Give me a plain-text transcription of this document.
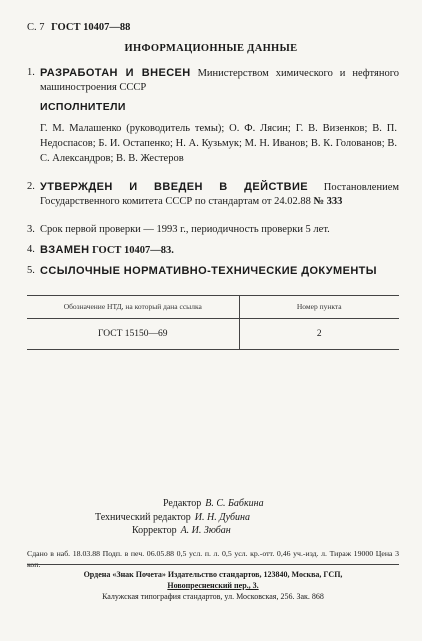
С. 7 ГОСТ 10407—88
ИНФОРМАЦИОННЫЕ ДАННЫЕ
1. РАЗРАБОТАН И ВНЕСЕН Министерством химического и нефтяного машиностроения СССР
ИСПОЛНИТЕЛИ
Г. М. Малашенко (руководитель темы); О. Ф. Лясин; Г. В. Визенков; В. П. Недоспасов; Б. И. Остапенко; Н. А. Кузьмук; М. Н. Иванов; В. К. Голованов; В. С. Александров; В. В. Жестеров
2. УТВЕРЖДЕН И ВВЕДЕН В ДЕЙСТВИЕ Постановлением Государственного комитета СССР по стандартам от 24.02.88 № 333
3. Срок первой проверки — 1993 г., периодичность проверки 5 лет.
4. ВЗАМЕН ГОСТ 10407—83.
5. ССЫЛОЧНЫЕ НОРМАТИВНО-ТЕХНИЧЕСКИЕ ДОКУМЕНТЫ
Обозначение НТД, на который дана ссылка	Номер пункта
ГОСТ 15150—69	2
Редактор В. С. Бабкина
Технический редактор И. Н. Дубина
Корректор А. И. Зюбан
Сдано в наб. 18.03.88 Подп. в печ. 06.05.88 0,5 усл. п. л. 0,5 усл. кр.-отт. 0,46 уч.-изд. л. Тираж 19000 Цена 3 коп.
Ордена «Знак Почета» Издательство стандартов, 123840, Москва, ГСП,
Новопресненский пер., 3.
Калужская типография стандартов, ул. Московская, 256. Зак. 868
